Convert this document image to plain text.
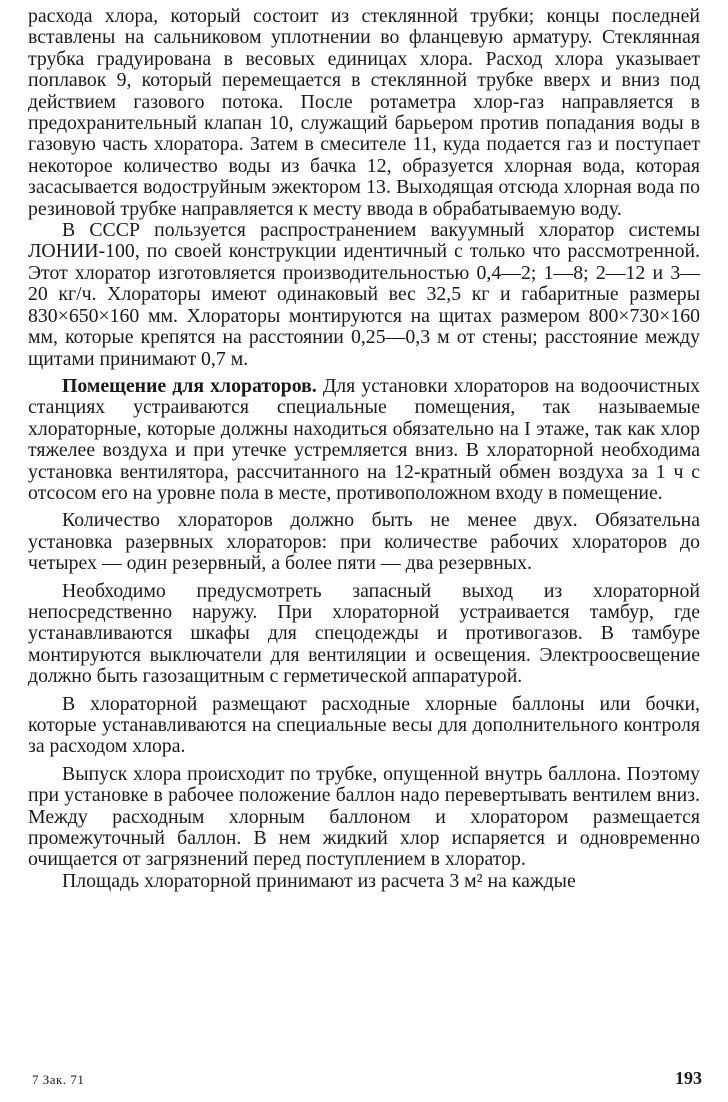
расхода хлора, который состоит из стеклянной трубки; концы последней вставлены на сальниковом уплотнении во фланцевую арматуру. Стеклянная трубка градуирована в весовых единицах хлора. Расход хлора указывает поплавок 9, который перемещается в стеклянной трубке вверх и вниз под действием газового потока. После ротаметра хлор-газ направляется в предохранительный клапан 10, служащий барьером против попадания воды в газовую часть хлоратора. Затем в смесителе 11, куда подается газ и поступает некоторое количество воды из бачка 12, образуется хлорная вода, которая засасывается водоструйным эжектором 13. Выходящая отсюда хлорная вода по резиновой трубке направляется к месту ввода в обрабатываемую воду.

В СССР пользуется распространением вакуумный хлоратор системы ЛОНИИ-100, по своей конструкции идентичный с только что рассмотренной. Этот хлоратор изготовляется производительностью 0,4—2; 1—8; 2—12 и 3—20 кг/ч. Хлораторы имеют одинаковый вес 32,5 кг и габаритные размеры 830×650×160 мм. Хлораторы монтируются на щитах размером 800×730×160 мм, которые крепятся на расстоянии 0,25—0,3 м от стены; расстояние между щитами принимают 0,7 м.

Помещение для хлораторов. Для установки хлораторов на водоочистных станциях устраиваются специальные помещения, так называемые хлораторные, которые должны находиться обязательно на I этаже, так как хлор тяжелее воздуха и при утечке устремляется вниз. В хлораторной необходима установка вентилятора, рассчитанного на 12-кратный обмен воздуха за 1 ч с отсосом его на уровне пола в месте, противоположном входу в помещение.

Количество хлораторов должно быть не менее двух. Обязательна установка разервных хлораторов: при количестве рабочих хлораторов до четырех — один резервный, а более пяти — два резервных.

Необходимо предусмотреть запасный выход из хлораторной непосредственно наружу. При хлораторной устраивается тамбур, где устанавливаются шкафы для спецодежды и противогазов. В тамбуре монтируются выключатели для вентиляции и освещения. Электроосвещение должно быть газозащитным с герметической аппаратурой.

В хлораторной размещают расходные хлорные баллоны или бочки, которые устанавливаются на специальные весы для дополнительного контроля за расходом хлора.

Выпуск хлора происходит по трубке, опущенной внутрь баллона. Поэтому при установке в рабочее положение баллон надо перевертывать вентилем вниз. Между расходным хлорным баллоном и хлоратором размещается промежуточный баллон. В нем жидкий хлор испаряется и одновременно очищается от загрязнений перед поступлением в хлоратор.

Площадь хлораторной принимают из расчета 3 м² на каждые

7 Зак. 71	193
